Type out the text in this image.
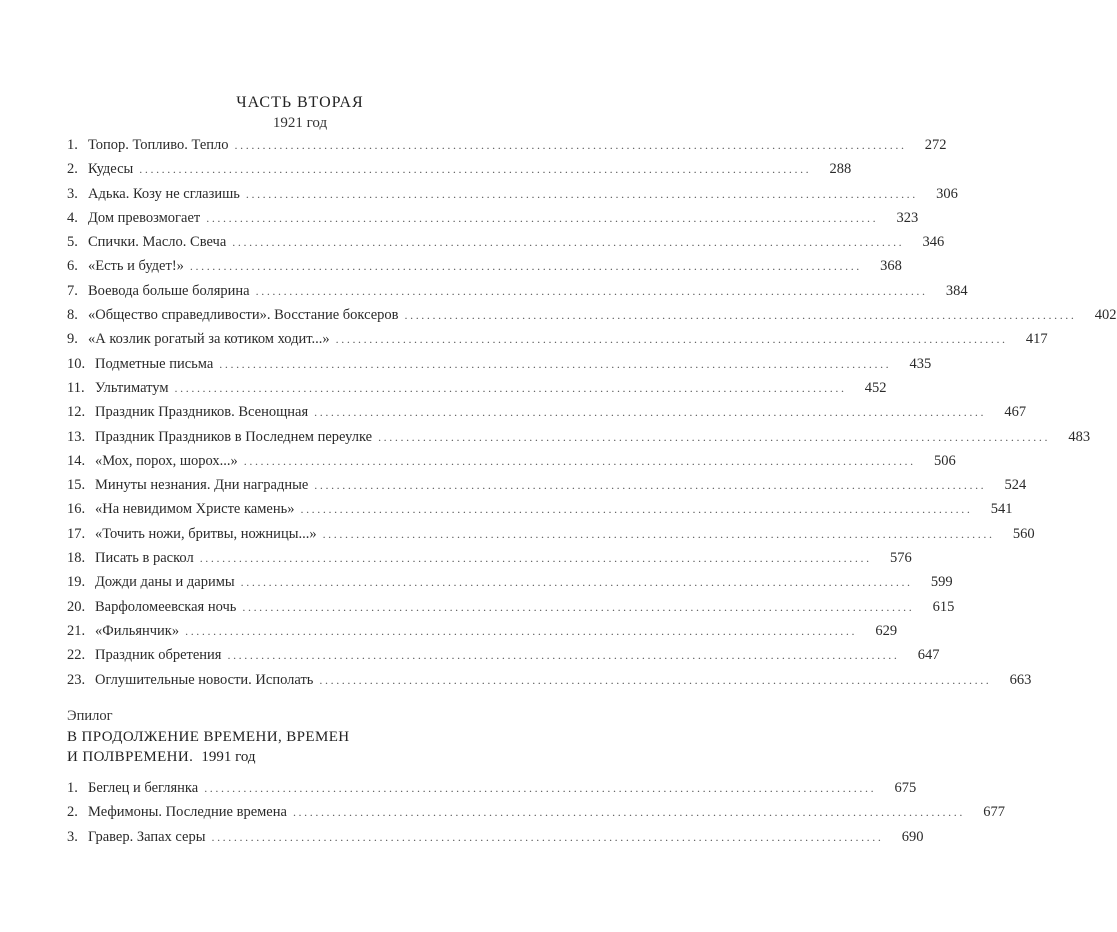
ЧАСТЬ ВТОРАЯ
1921 год
1. Топор. Топливо. Тепло ........................................................................................................................	272
2. Кудесы ........................................................................................................................	288
3. Адька. Козу не сглазишь ........................................................................................................................	306
4. Дом превозмогает ........................................................................................................................	323
5. Спички. Масло. Свеча ........................................................................................................................	346
6. «Есть и будет!» ........................................................................................................................	368
7. Воевода больше болярина ........................................................................................................................	384
8. «Общество справедливости». Восстание боксеров ........................................................................................................................	402
9. «А козлик рогатый за котиком ходит...» ........................................................................................................................	417
10. Подметные письма ........................................................................................................................	435
11. Ультиматум ........................................................................................................................	452
12. Праздник Праздников. Всенощная ........................................................................................................................	467
13. Праздник Праздников в Последнем переулке ........................................................................................................................	483
14. «Мох, порох, шорох...» ........................................................................................................................	506
15. Минуты незнания. Дни наградные ........................................................................................................................	524
16. «На невидимом Христе камень» ........................................................................................................................	541
17. «Точить ножи, бритвы, ножницы...» ........................................................................................................................	560
18. Писать в раскол ........................................................................................................................	576
19. Дожди даны и даримы ........................................................................................................................	599
20. Варфоломеевская ночь ........................................................................................................................	615
21. «Фильянчик» ........................................................................................................................	629
22. Праздник обретения ........................................................................................................................	647
23. Оглушительные новости. Исполать ........................................................................................................................	663
Эпилог
В ПРОДОЛЖЕНИЕ ВРЕМЕНИ, ВРЕМЕН
И ПОЛВРЕМЕНИ. 1991 год
1. Беглец и беглянка ........................................................................................................................	675
2. Мефимоны. Последние времена ........................................................................................................................	677
3. Гравер. Запах серы ........................................................................................................................	690
